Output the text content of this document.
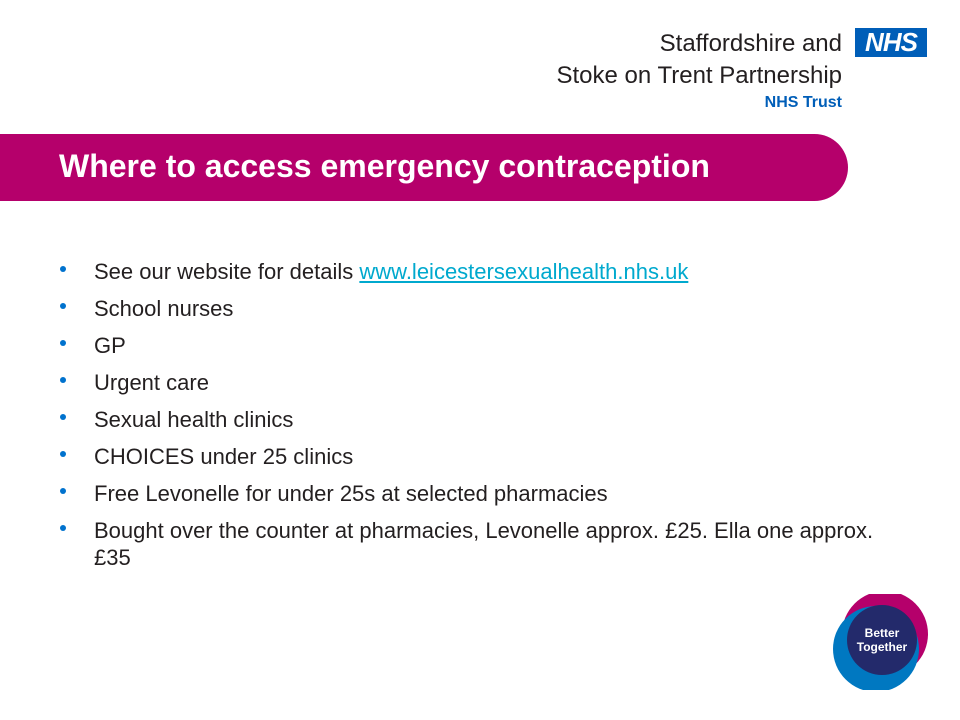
Staffordshire and
Stoke on Trent Partnership
NHS Trust
NHS
Where to access emergency contraception
See our website for details www.leicestersexualhealth.nhs.uk
School nurses
GP
Urgent care
Sexual health clinics
CHOICES under 25 clinics
Free Levonelle for under 25s at selected pharmacies
Bought over the counter at pharmacies, Levonelle approx. £25. Ella one approx. £35
Better
Together
